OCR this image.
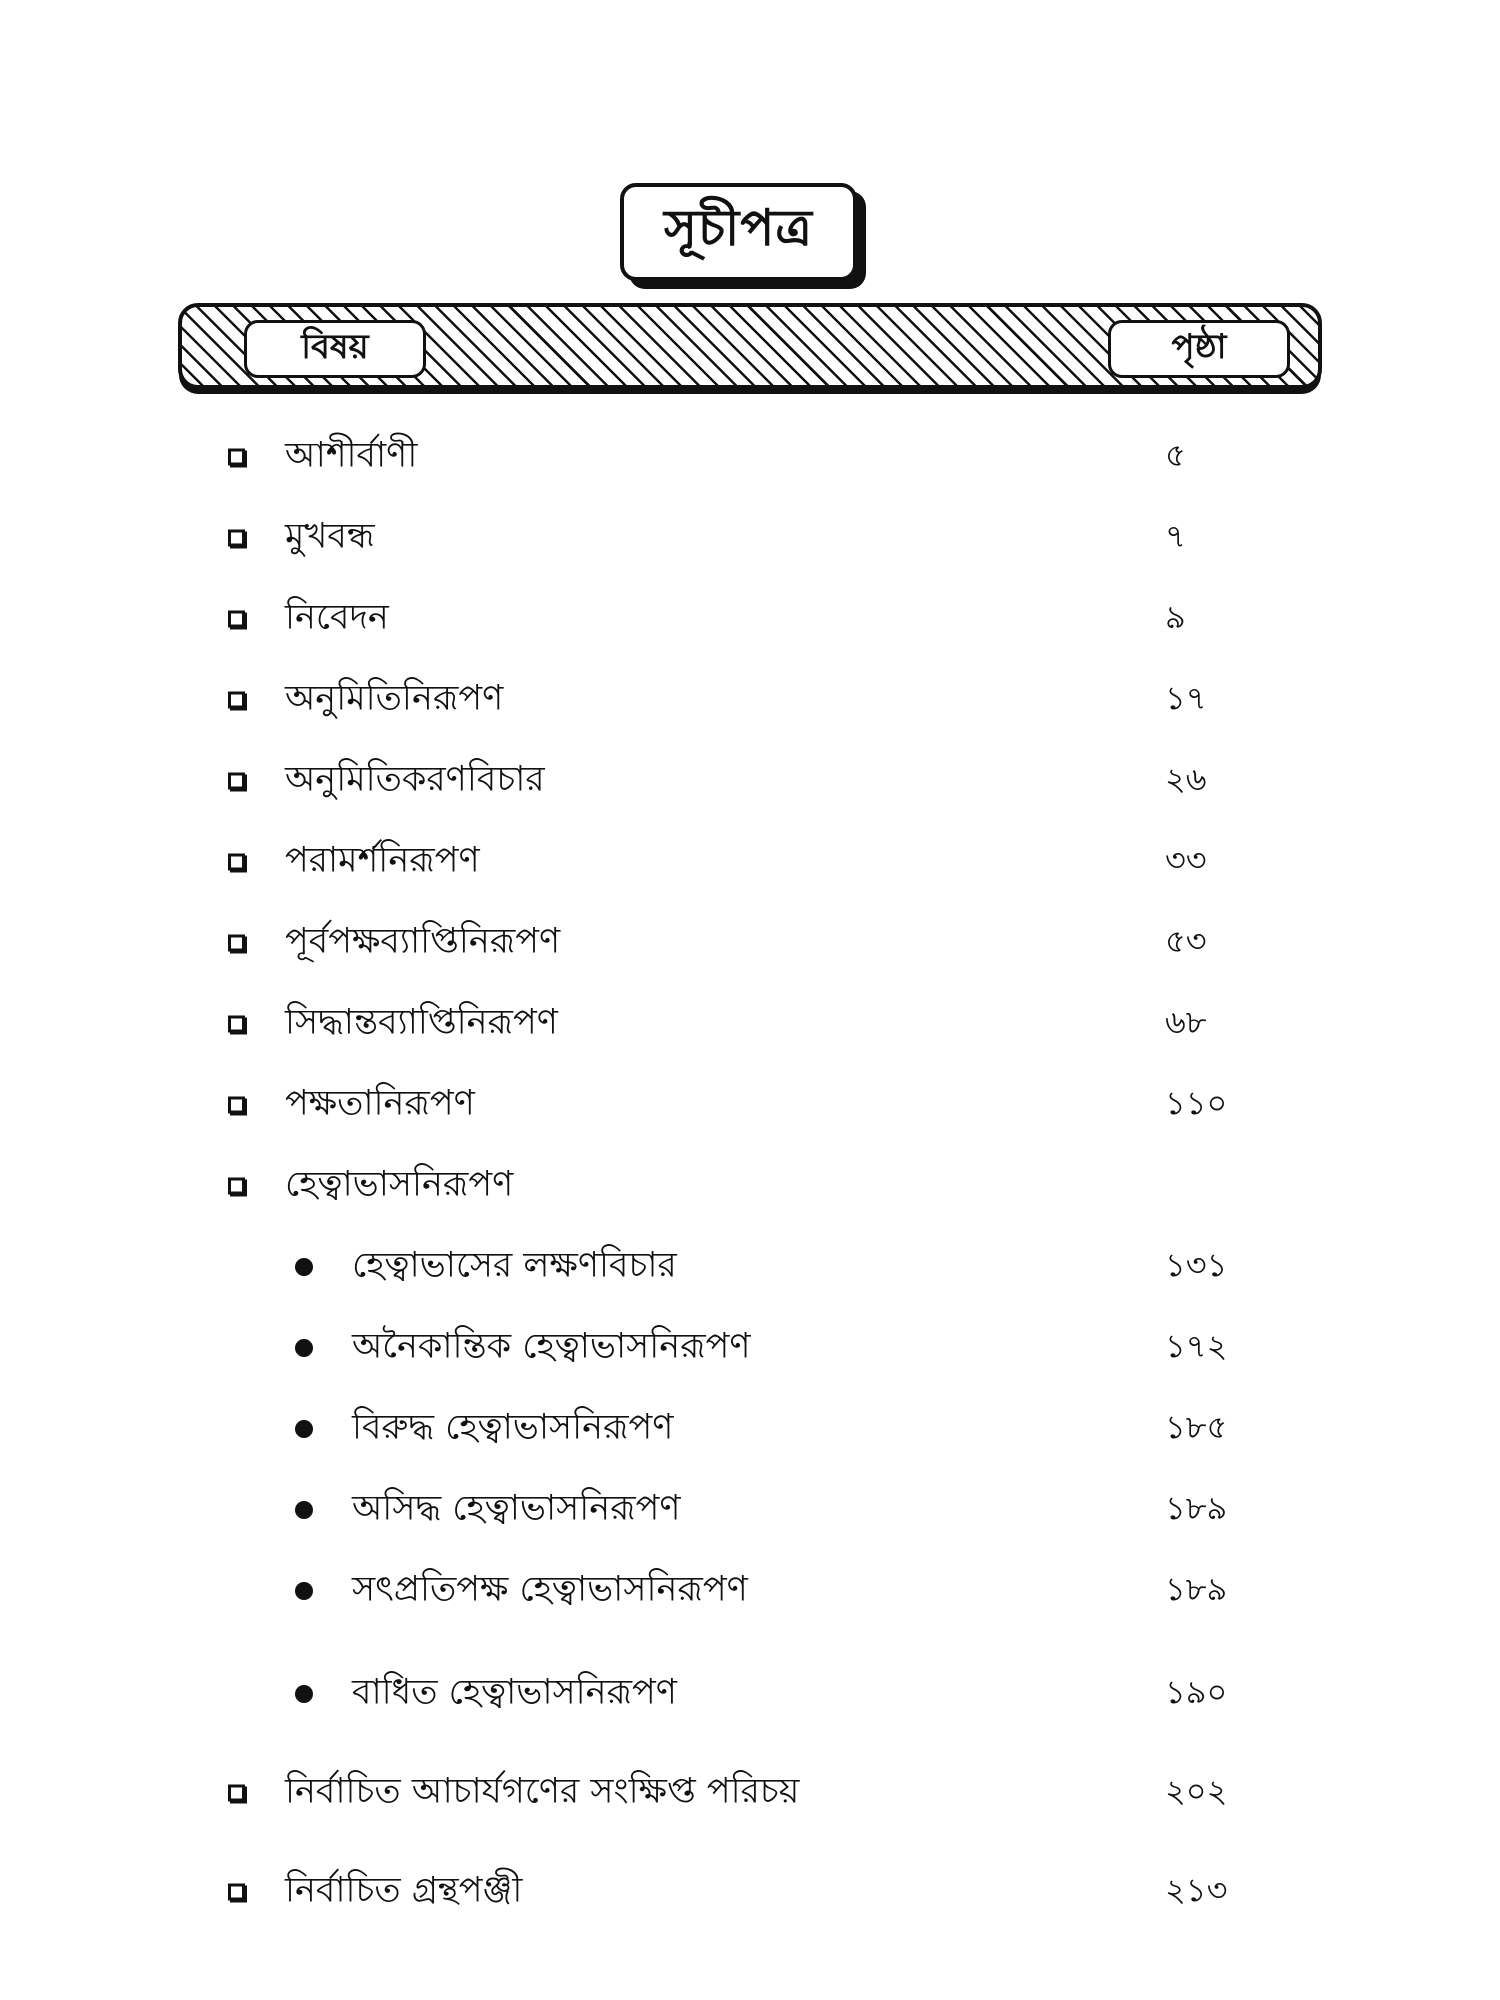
সূচীপত্র
বিষয়	পৃষ্ঠা
আশীর্বাণী	৫
মুখবন্ধ	৭
নিবেদন	৯
অনুমিতিনিরূপণ	১৭
অনুমিতিকরণবিচার	২৬
পরামর্শনিরূপণ	৩৩
পূর্বপক্ষব্যাপ্তিনিরূপণ	৫৩
সিদ্ধান্তব্যাপ্তিনিরূপণ	৬৮
পক্ষতানিরূপণ	১১০
হেত্বাভাসনিরূপণ
হেত্বাভাসের লক্ষণবিচার	১৩১
অনৈকান্তিক হেত্বাভাসনিরূপণ	১৭২
বিরুদ্ধ হেত্বাভাসনিরূপণ	১৮৫
অসিদ্ধ হেত্বাভাসনিরূপণ	১৮৯
সৎপ্রতিপক্ষ হেত্বাভাসনিরূপণ	১৮৯
বাধিত হেত্বাভাসনিরূপণ	১৯০
নির্বাচিত আচার্যগণের সংক্ষিপ্ত পরিচয়	২০২
নির্বাচিত গ্রন্থপঞ্জী	২১৩
